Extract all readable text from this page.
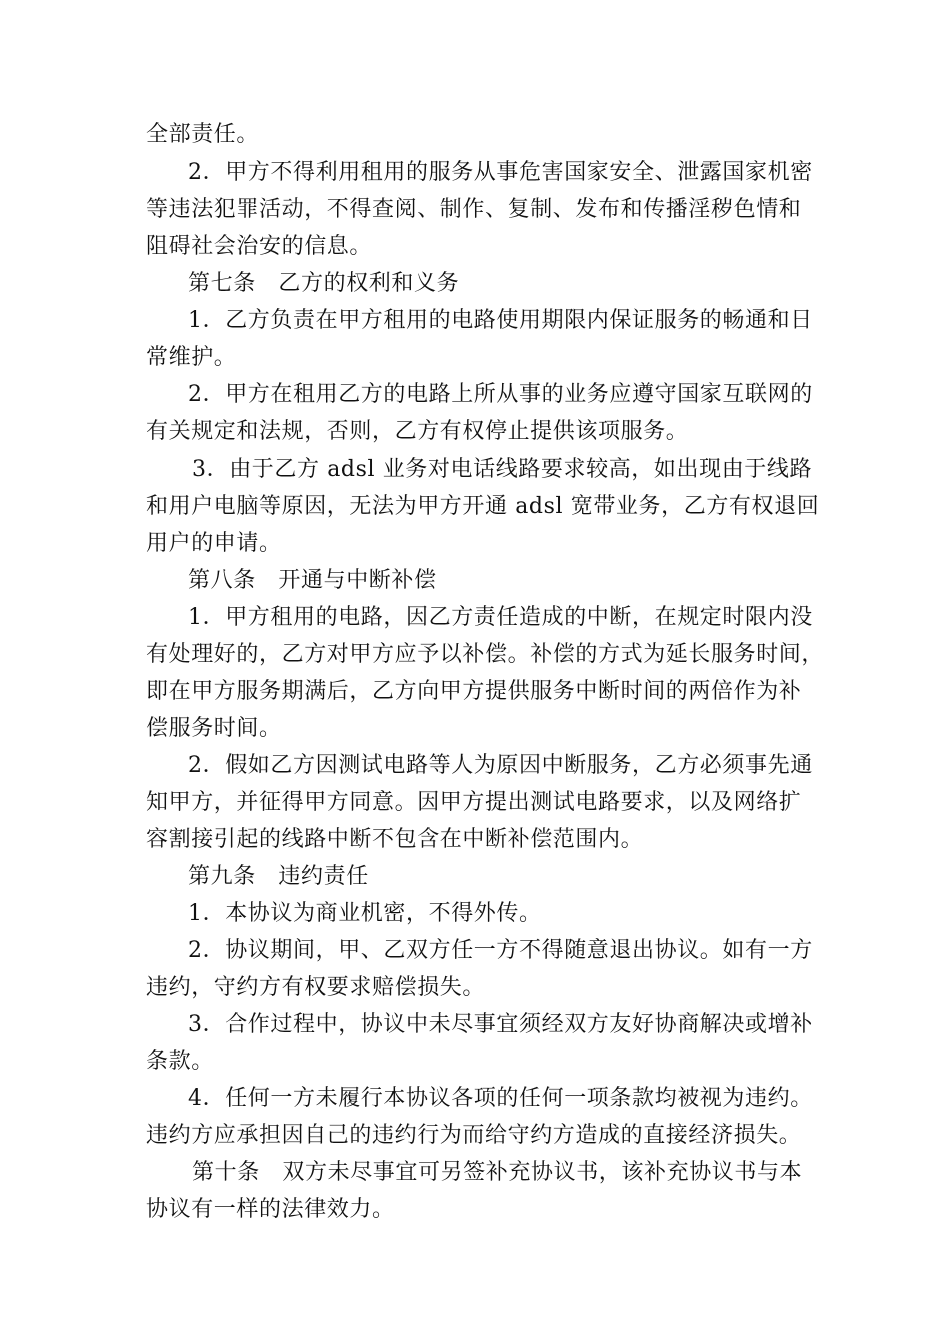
全部责任。
2．甲方不得利用租用的服务从事危害国家安全、泄露国家机密
等违法犯罪活动，不得查阅、制作、复制、发布和传播淫秽色情和
阻碍社会治安的信息。
第七条　乙方的权利和义务
1．乙方负责在甲方租用的电路使用期限内保证服务的畅通和日
常维护。
2．甲方在租用乙方的电路上所从事的业务应遵守国家互联网的
有关规定和法规，否则，乙方有权停止提供该项服务。
3．由于乙方 adsl 业务对电话线路要求较高，如出现由于线路
和用户电脑等原因，无法为甲方开通 adsl 宽带业务，乙方有权退回
用户的申请。
第八条　开通与中断补偿
1．甲方租用的电路，因乙方责任造成的中断，在规定时限内没
有处理好的，乙方对甲方应予以补偿。补偿的方式为延长服务时间，
即在甲方服务期满后，乙方向甲方提供服务中断时间的两倍作为补
偿服务时间。
2．假如乙方因测试电路等人为原因中断服务，乙方必须事先通
知甲方，并征得甲方同意。因甲方提出测试电路要求，以及网络扩
容割接引起的线路中断不包含在中断补偿范围内。
第九条　违约责任
1．本协议为商业机密，不得外传。
2．协议期间，甲、乙双方任一方不得随意退出协议。如有一方
违约，守约方有权要求赔偿损失。
3．合作过程中，协议中未尽事宜须经双方友好协商解决或增补
条款。
4．任何一方未履行本协议各项的任何一项条款均被视为违约。
违约方应承担因自己的违约行为而给守约方造成的直接经济损失。
第十条　双方未尽事宜可另签补充协议书，该补充协议书与本
协议有一样的法律效力。
